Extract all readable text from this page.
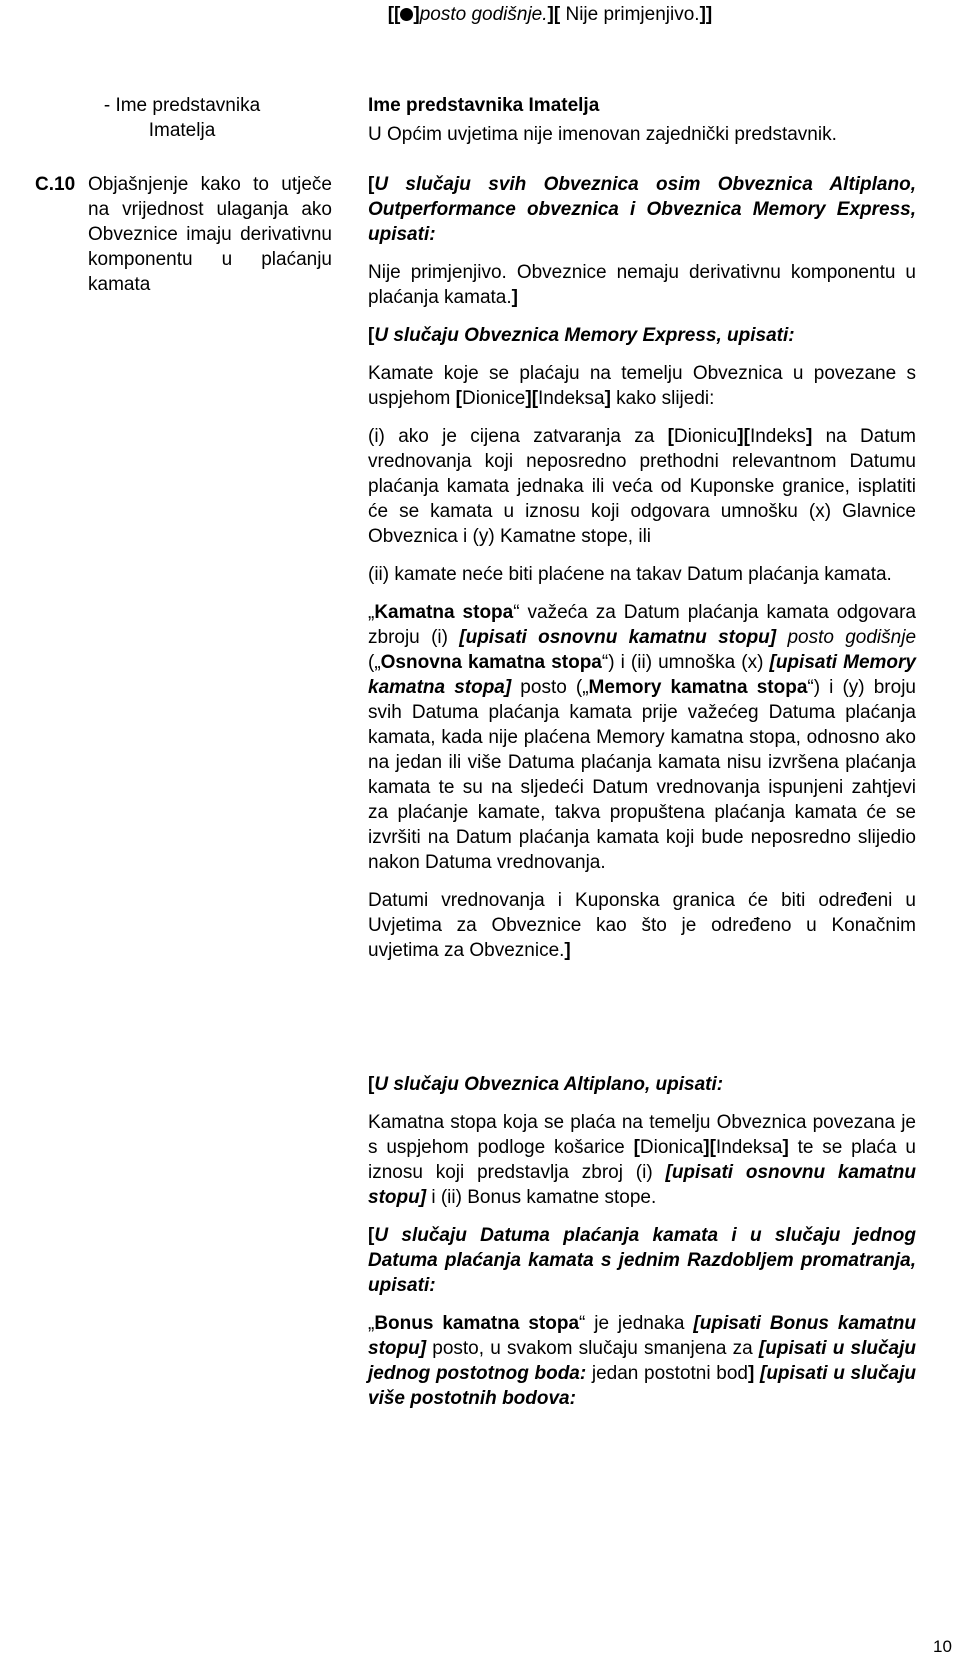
[[ ]posto godišnje.][ Nije primjenjivo.]]
- Ime predstavnika
Imatelja

Ime predstavnika Imatelja

U Općim uvjetima nije imenovan zajednički predstavnik.

C.10 Objašnjenje kako to utječe na vrijednost ulaganja ako Obveznice imaju derivativnu komponentu u plaćanju kamata

[U slučaju svih Obveznica osim Obveznica Altiplano, Outperformance obveznica i Obveznica Memory Express, upisati:

Nije primjenjivo. Obveznice nemaju derivativnu komponentu u plaćanja kamata.]

[U slučaju Obveznica Memory Express, upisati:

Kamate koje se plaćaju na temelju Obveznica u povezane s uspjehom [Dionice][Indeksa] kako slijedi:

(i) ako je cijena zatvaranja za [Dionicu][Indeks] na Datum vrednovanja koji neposredno prethodni relevantnom Datumu plaćanja kamata jednaka ili veća od Kuponske granice, isplatiti će se kamata u iznosu koji odgovara umnošku (x) Glavnice Obveznica i (y) Kamatne stope, ili

(ii) kamate neće biti plaćene na takav Datum plaćanja kamata.

„Kamatna stopa“ važeća za Datum plaćanja kamata odgovara zbroju (i) [upisati osnovnu kamatnu stopu] posto godišnje („Osnovna kamatna stopa“) i (ii) umnoška (x) [upisati Memory kamatna stopa] posto („Memory kamatna stopa“) i (y) broju svih Datuma plaćanja kamata prije važećeg Datuma plaćanja kamata, kada nije plaćena Memory kamatna stopa, odnosno ako na jedan ili više Datuma plaćanja kamata nisu izvršena plaćanja kamata te su na sljedeći Datum vrednovanja ispunjeni zahtjevi za plaćanje kamate, takva propuštena plaćanja kamata će se izvršiti na Datum plaćanja kamata koji bude neposredno slijedio nakon Datuma vrednovanja.

Datumi vrednovanja i Kuponska granica će biti određeni u Uvjetima za Obveznice kao što je određeno u Konačnim uvjetima za Obveznice.]

[U slučaju Obveznica Altiplano, upisati:

Kamatna stopa koja se plaća na temelju Obveznica povezana je s uspjehom podloge košarice [Dionica][Indeksa] te se plaća u iznosu koji predstavlja zbroj (i) [upisati osnovnu kamatnu stopu] i (ii) Bonus kamatne stope.

[U slučaju Datuma plaćanja kamata i u slučaju jednog Datuma plaćanja kamata s jednim Razdobljem promatranja, upisati:

„Bonus kamatna stopa“ je jednaka [upisati Bonus kamatnu stopu] posto, u svakom slučaju smanjena za [upisati u slučaju jednog postotnog boda: jedan postotni bod] [upisati u slučaju više postotnih bodova:

10
